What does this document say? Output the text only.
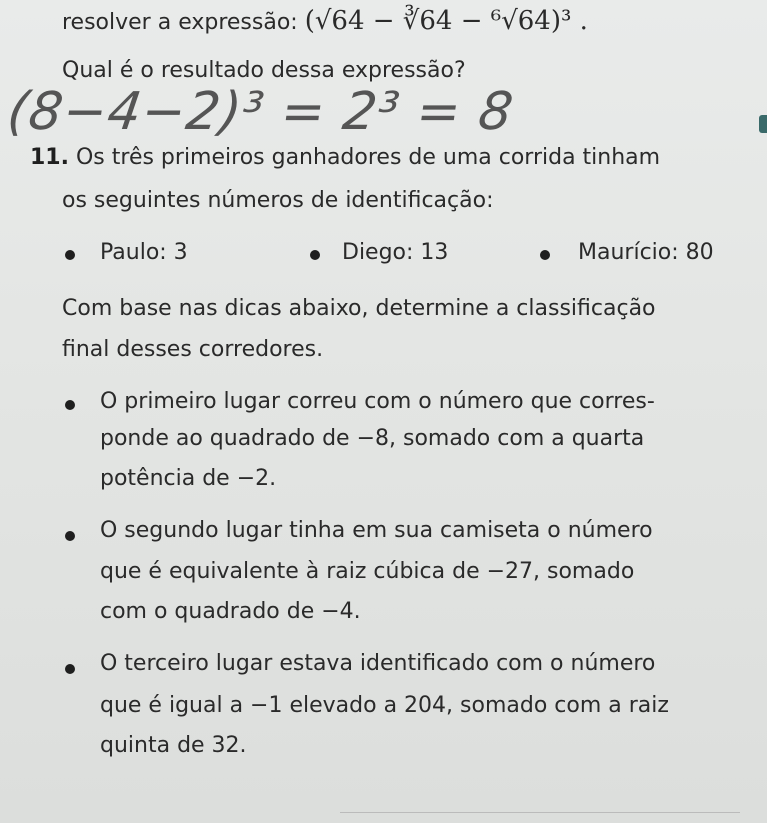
resolver a expressão: (√64 − ∛64 − ⁶√64)³ .
Qual é o resultado dessa expressão?
(8−4−2)³ = 2³ = 8
11. Os três primeiros ganhadores de uma corrida tinham
os seguintes números de identificação:
Paulo: 3	Diego: 13	Maurício: 80
Com base nas dicas abaixo, determine a classificação
final desses corredores.
O primeiro lugar correu com o número que corres-
ponde ao quadrado de −8, somado com a quarta
potência de −2.
O segundo lugar tinha em sua camiseta o número
que é equivalente à raiz cúbica de −27, somado
com o quadrado de −4.
O terceiro lugar estava identificado com o número
que é igual a −1 elevado a 204, somado com a raiz
quinta de 32.
